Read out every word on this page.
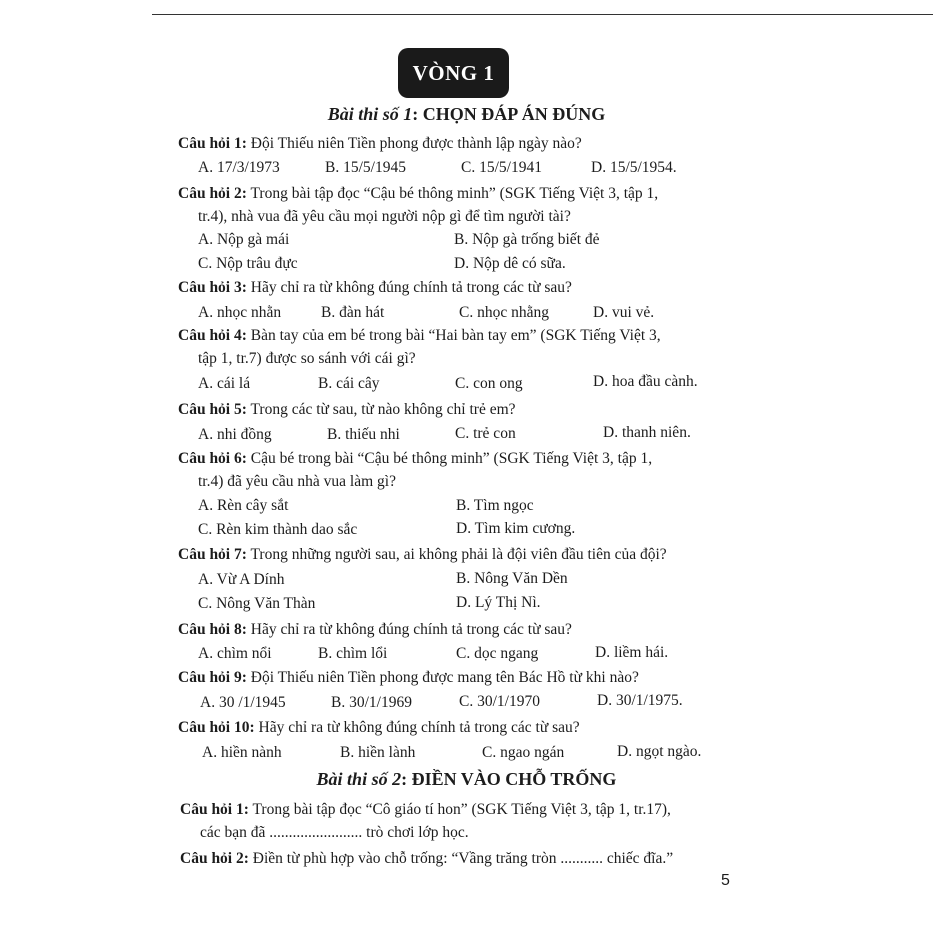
VÒNG 1
Bài thi số 1: CHỌN ĐÁP ÁN ĐÚNG
Câu hỏi 1: Đội Thiếu niên Tiền phong được thành lập ngày nào?
A. 17/3/1973	B. 15/5/1945	C. 15/5/1941	D. 15/5/1954.
Câu hỏi 2: Trong bài tập đọc “Cậu bé thông minh” (SGK Tiếng Việt 3, tập 1,
tr.4), nhà vua đã yêu cầu mọi người nộp gì để tìm người tài?
A. Nộp gà mái	B. Nộp gà trống biết đẻ
C. Nộp trâu đực	D. Nộp dê có sữa.
Câu hỏi 3: Hãy chỉ ra từ không đúng chính tả trong các từ sau?
A. nhọc nhằn	B. đàn hát	C. nhọc nhằng	D. vui vẻ.
Câu hỏi 4: Bàn tay của em bé trong bài “Hai bàn tay em” (SGK Tiếng Việt 3,
tập 1, tr.7) được so sánh với cái gì?
A. cái lá	B. cái cây	C. con ong	D. hoa đầu cành.
Câu hỏi 5: Trong các từ sau, từ nào không chỉ trẻ em?
A. nhi đồng	B. thiếu nhi	C. trẻ con	D. thanh niên.
Câu hỏi 6: Cậu bé trong bài “Cậu bé thông minh” (SGK Tiếng Việt 3, tập 1,
tr.4) đã yêu cầu nhà vua làm gì?
A. Rèn cây sắt	B. Tìm ngọc
C. Rèn kim thành dao sắc	D. Tìm kim cương.
Câu hỏi 7: Trong những người sau, ai không phải là đội viên đầu tiên của đội?
A. Vừ A Dính	B. Nông Văn Dền
C. Nông Văn Thàn	D. Lý Thị Nì.
Câu hỏi 8: Hãy chỉ ra từ không đúng chính tả trong các từ sau?
A. chìm nổi	B. chìm lổi	C. dọc ngang	D. liềm hái.
Câu hỏi 9: Đội Thiếu niên Tiền phong được mang tên Bác Hồ từ khi nào?
A. 30 /1/1945	B. 30/1/1969	C. 30/1/1970	D. 30/1/1975.
Câu hỏi 10: Hãy chỉ ra từ không đúng chính tả trong các từ sau?
A. hiền nành	B. hiền lành	C. ngao ngán	D. ngọt ngào.
Bài thi số 2: ĐIỀN VÀO CHỖ TRỐNG
Câu hỏi 1: Trong bài tập đọc “Cô giáo tí hon” (SGK Tiếng Việt 3, tập 1, tr.17),
các bạn đã ........................ trò chơi lớp học.
Câu hỏi 2: Điền từ phù hợp vào chỗ trống: “Vầng trăng tròn ........... chiếc đĩa.”
5
